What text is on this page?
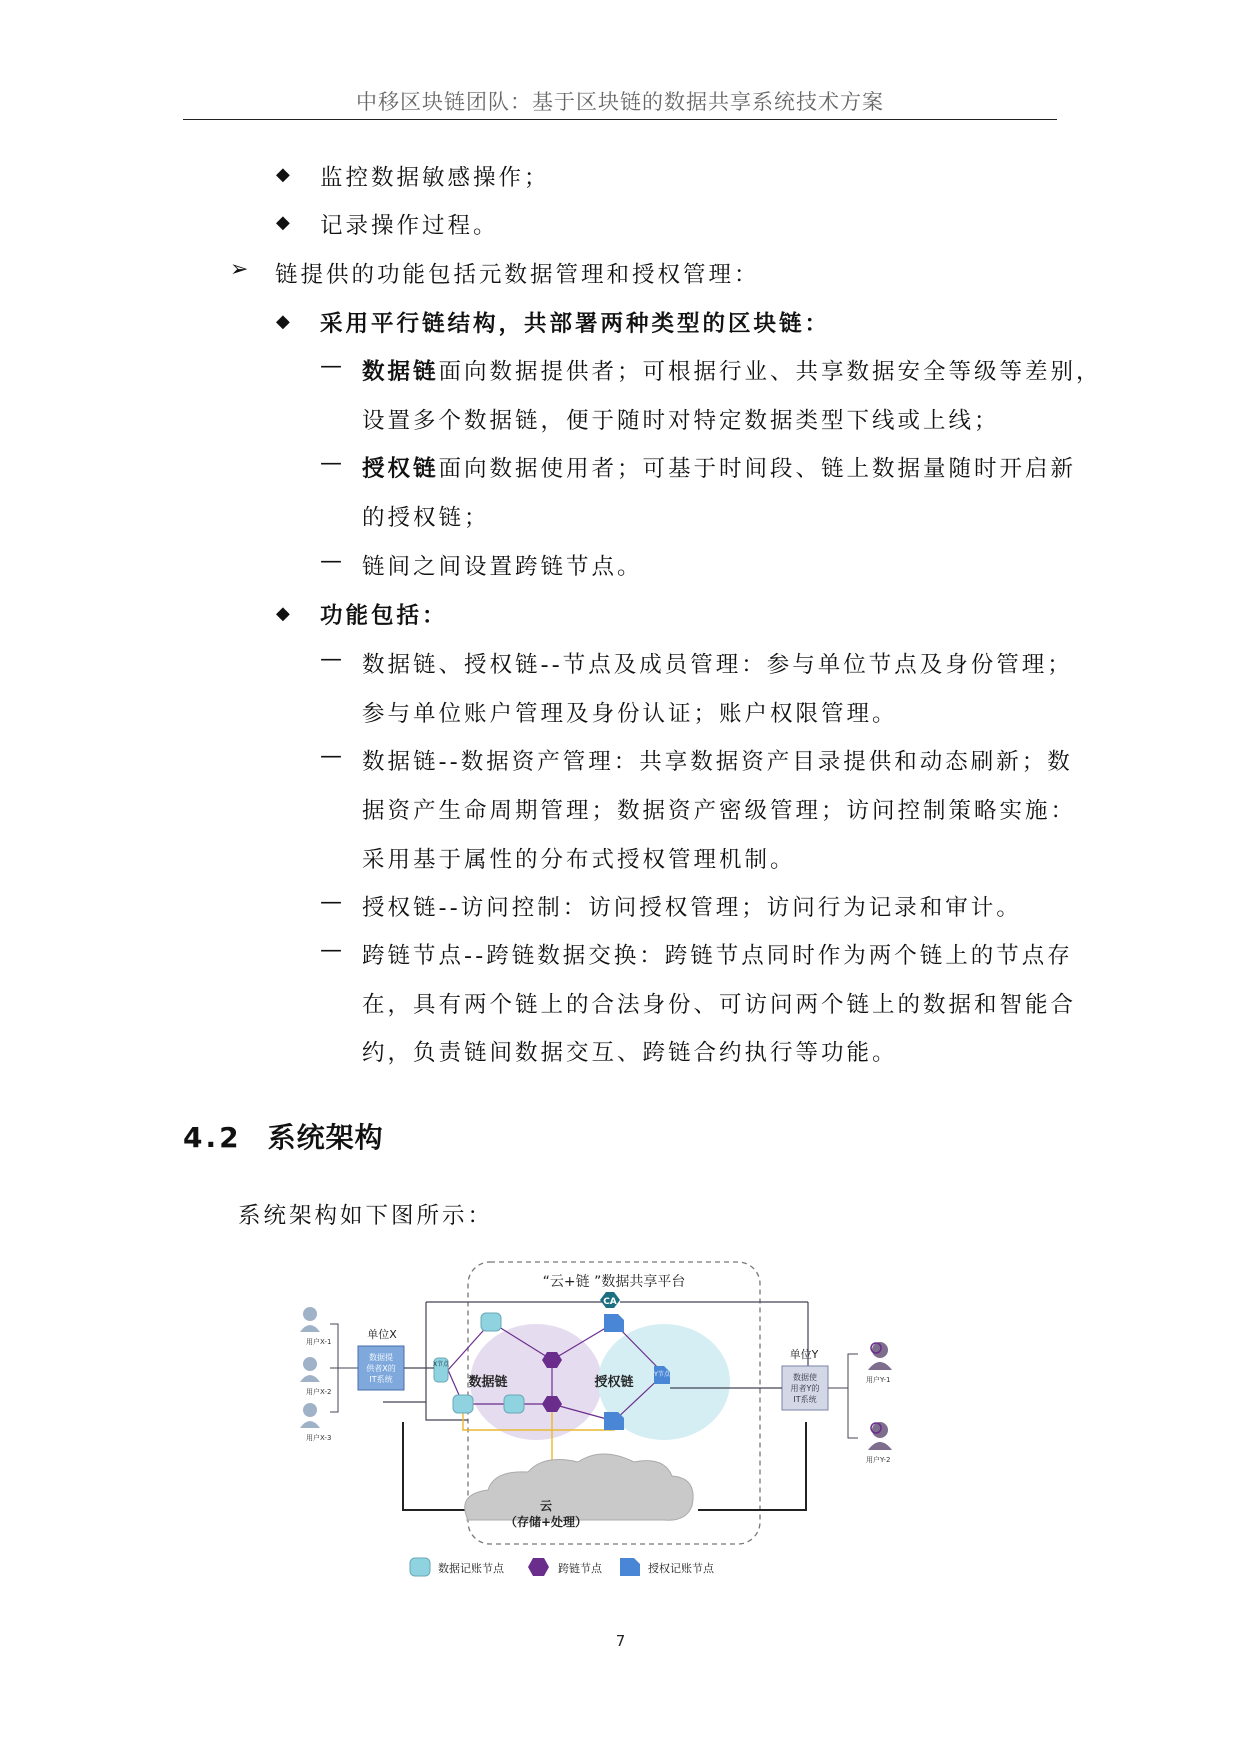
中移区块链团队：基于区块链的数据共享系统技术方案
◆ 监控数据敏感操作；
◆ 记录操作过程。
➢ 链提供的功能包括元数据管理和授权管理：
◆ 采用平行链结构，共部署两种类型的区块链：
— 数据链面向数据提供者；可根据行业、共享数据安全等级等差别，
设置多个数据链，便于随时对特定数据类型下线或上线；
— 授权链面向数据使用者；可基于时间段、链上数据量随时开启新
的授权链；
— 链间之间设置跨链节点。
◆ 功能包括：
— 数据链、授权链--节点及成员管理：参与单位节点及身份管理；
参与单位账户管理及身份认证；账户权限管理。
— 数据链--数据资产管理：共享数据资产目录提供和动态刷新；数
据资产生命周期管理；数据资产密级管理；访问控制策略实施：
采用基于属性的分布式授权管理机制。
— 授权链--访问控制：访问授权管理；访问行为记录和审计。
— 跨链节点--跨链数据交换：跨链节点同时作为两个链上的节点存
在，具有两个链上的合法身份、可访问两个链上的数据和智能合
约，负责链间数据交互、跨链合约执行等功能。
4.2 系统架构
系统架构如下图所示：
“云+链 ”数据共享平台
CA
X节点
Y节点
数据链	授权链
云
（存储+处理）
单位X
数据提
供者X的
IT系统
用户X-1
用户X-2
用户X-3
单位Y
数据使
用者Y的
IT系统
用户Y-1
用户Y-2
数据记账节点	跨链节点	授权记账节点
7
